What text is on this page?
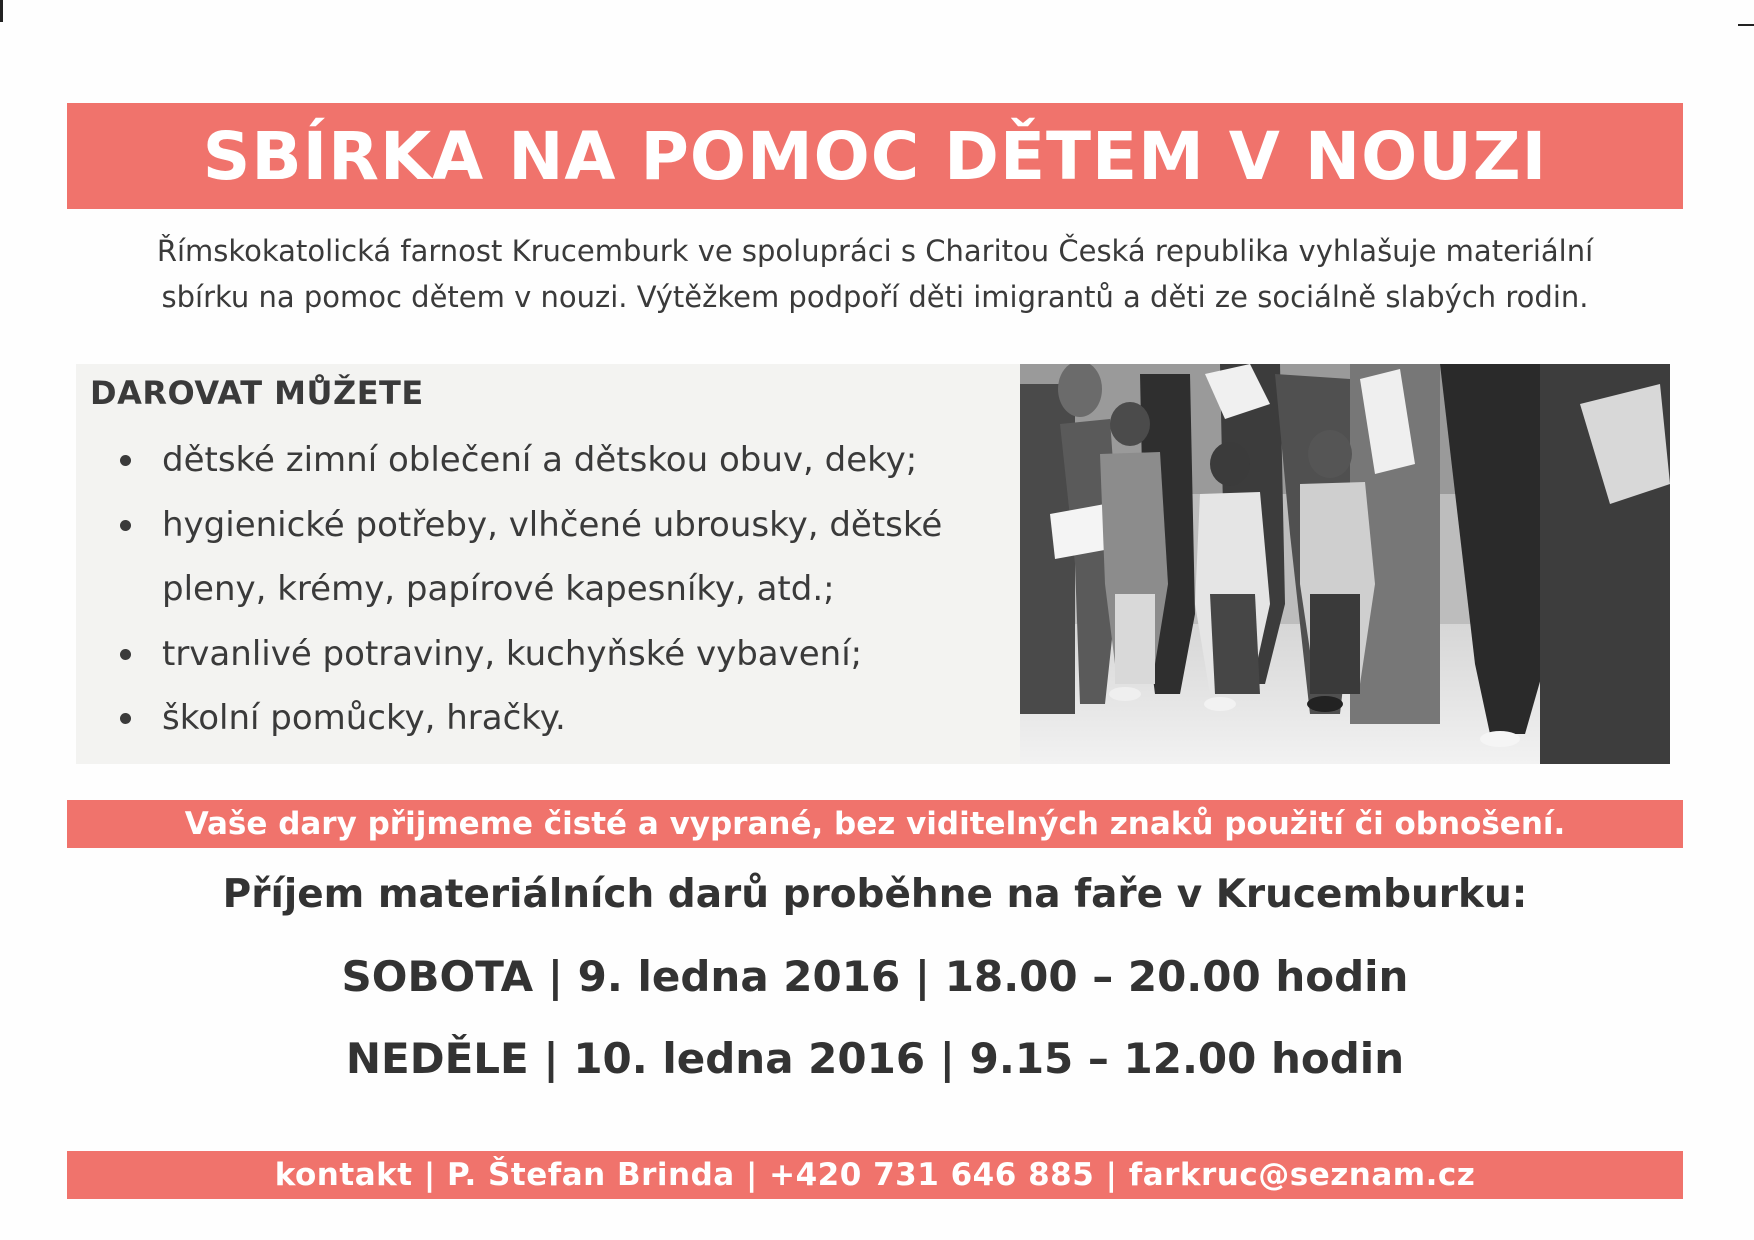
SBÍRKA NA POMOC DĚTEM V NOUZI

Římskokatolická farnost Krucemburk ve spolupráci s Charitou Česká republika vyhlašuje materiální

sbírku na pomoc dětem v nouzi. Výtěžkem podpoří děti imigrantů a děti ze sociálně slabých rodin.

DAROVAT MŮŽETE
dětské zimní oblečení a dětskou obuv, deky;
hygienické potřeby, vlhčené ubrousky, dětské
pleny, krémy, papírové kapesníky, atd.;
trvanlivé potraviny, kuchyňské vybavení;
školní pomůcky, hračky.
Vaše dary přijmeme čisté a vyprané, bez viditelných znaků použití či obnošení.
Příjem materiálních darů proběhne na faře v Krucemburku:
SOBOTA | 9. ledna 2016 | 18.00 – 20.00 hodin
NEDĚLE | 10. ledna 2016 | 9.15 – 12.00 hodin
kontakt | P. Štefan Brinda | +420 731 646 885 | farkruc@seznam.cz
